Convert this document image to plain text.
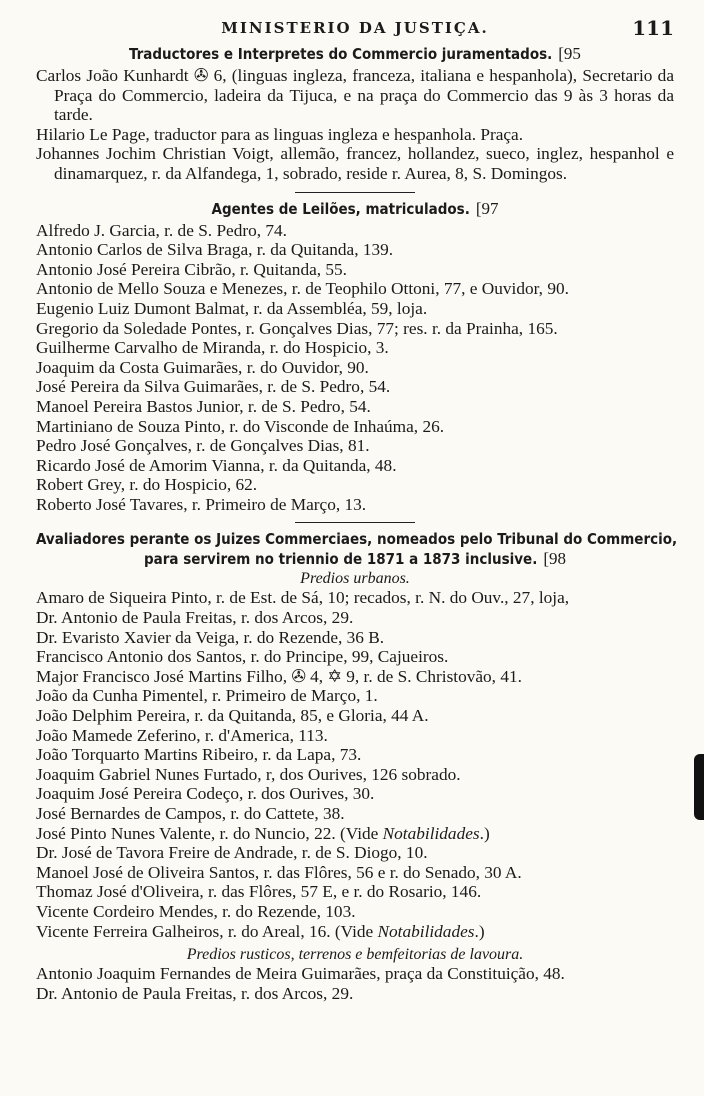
MINISTERIO DA JUSTIÇA.	111
Traductores e Interpretes do Commercio juramentados. [95
Carlos João Kunhardt ✇ 6, (linguas ingleza, franceza, italiana e hespanhola), Secretario da Praça do Commercio, ladeira da Tijuca, e na praça do Commercio das 9 às 3 horas da tarde.
Hilario Le Page, traductor para as linguas ingleza e hespanhola. Praça.
Johannes Jochim Christian Voigt, allemão, francez, hollandez, sueco, inglez, hespanhol e dinamarquez, r. da Alfandega, 1, sobrado, reside r. Aurea, 8, S. Domingos.
Agentes de Leilões, matriculados. [97
Alfredo J. Garcia, r. de S. Pedro, 74.
Antonio Carlos de Silva Braga, r. da Quitanda, 139.
Antonio José Pereira Cibrão, r. Quitanda, 55.
Antonio de Mello Souza e Menezes, r. de Teophilo Ottoni, 77, e Ouvidor, 90.
Eugenio Luiz Dumont Balmat, r. da Assembléa, 59, loja.
Gregorio da Soledade Pontes, r. Gonçalves Dias, 77; res. r. da Prainha, 165.
Guilherme Carvalho de Miranda, r. do Hospicio, 3.
Joaquim da Costa Guimarães, r. do Ouvidor, 90.
José Pereira da Silva Guimarães, r. de S. Pedro, 54.
Manoel Pereira Bastos Junior, r. de S. Pedro, 54.
Martiniano de Souza Pinto, r. do Visconde de Inhaúma, 26.
Pedro José Gonçalves, r. de Gonçalves Dias, 81.
Ricardo José de Amorim Vianna, r. da Quitanda, 48.
Robert Grey, r. do Hospicio, 62.
Roberto José Tavares, r. Primeiro de Março, 13.
Avaliadores perante os Juizes Commerciaes, nomeados pelo Tribunal do Commercio,
para servirem no triennio de 1871 a 1873 inclusive. [98
Predios urbanos.
Amaro de Siqueira Pinto, r. de Est. de Sá, 10; recados, r. N. do Ouv., 27, loja,
Dr. Antonio de Paula Freitas, r. dos Arcos, 29.
Dr. Evaristo Xavier da Veiga, r. do Rezende, 36 B.
Francisco Antonio dos Santos, r. do Principe, 99, Cajueiros.
Major Francisco José Martins Filho, ✇ 4, ✡ 9, r. de S. Christovão, 41.
João da Cunha Pimentel, r. Primeiro de Março, 1.
João Delphim Pereira, r. da Quitanda, 85, e Gloria, 44 A.
João Mamede Zeferino, r. d'America, 113.
João Torquarto Martins Ribeiro, r. da Lapa, 73.
Joaquim Gabriel Nunes Furtado, r, dos Ourives, 126 sobrado.
Joaquim José Pereira Codeço, r. dos Ourives, 30.
José Bernardes de Campos, r. do Cattete, 38.
José Pinto Nunes Valente, r. do Nuncio, 22. (Vide Notabilidades.)
Dr. José de Tavora Freire de Andrade, r. de S. Diogo, 10.
Manoel José de Oliveira Santos, r. das Flôres, 56 e r. do Senado, 30 A.
Thomaz José d'Oliveira, r. das Flôres, 57 E, e r. do Rosario, 146.
Vicente Cordeiro Mendes, r. do Rezende, 103.
Vicente Ferreira Galheiros, r. do Areal, 16. (Vide Notabilidades.)
Predios rusticos, terrenos e bemfeitorias de lavoura.
Antonio Joaquim Fernandes de Meira Guimarães, praça da Constituição, 48.
Dr. Antonio de Paula Freitas, r. dos Arcos, 29.
